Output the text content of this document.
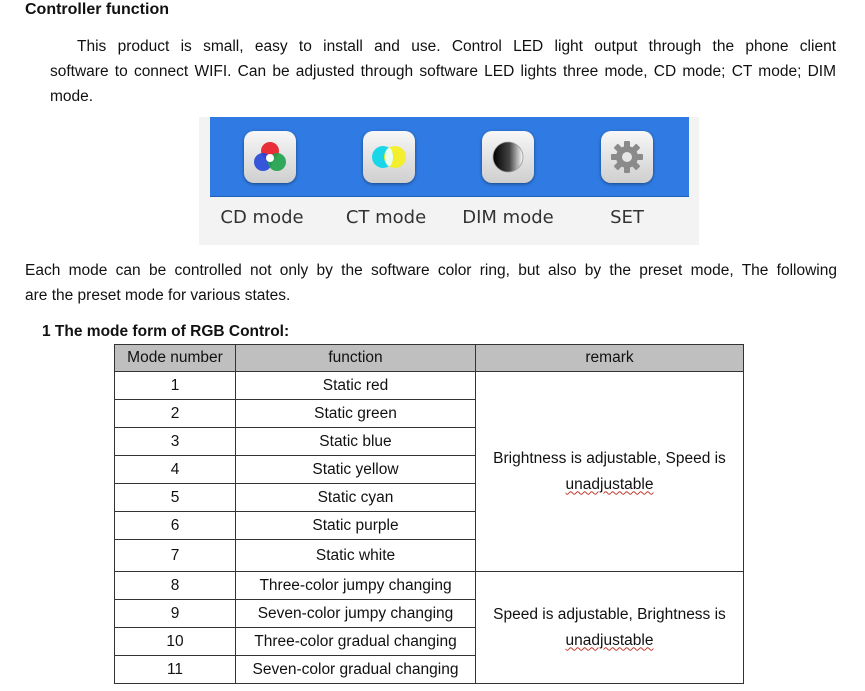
Controller function
This product is small, easy to install and use. Control LED light output through the phone client
software to connect WIFI. Can be adjusted through software LED lights three mode, CD mode; CT mode; DIM mode.
CD mode	CT mode	DIM mode	SET
Each mode can be controlled not only by the software color ring, but also by the preset mode, The following
are the preset mode for various states.
1 The mode form of RGB Control:
Mode number	function	remark
1	Static red	Brightness is adjustable, Speed is unadjustable
2	Static green	
3	Static blue	
4	Static yellow	
5	Static cyan	
6	Static purple	
7	Static white	
8	Three-color jumpy changing	Speed is adjustable, Brightness is unadjustable
9	Seven-color jumpy changing	
10	Three-color gradual changing	
11	Seven-color gradual changing	
